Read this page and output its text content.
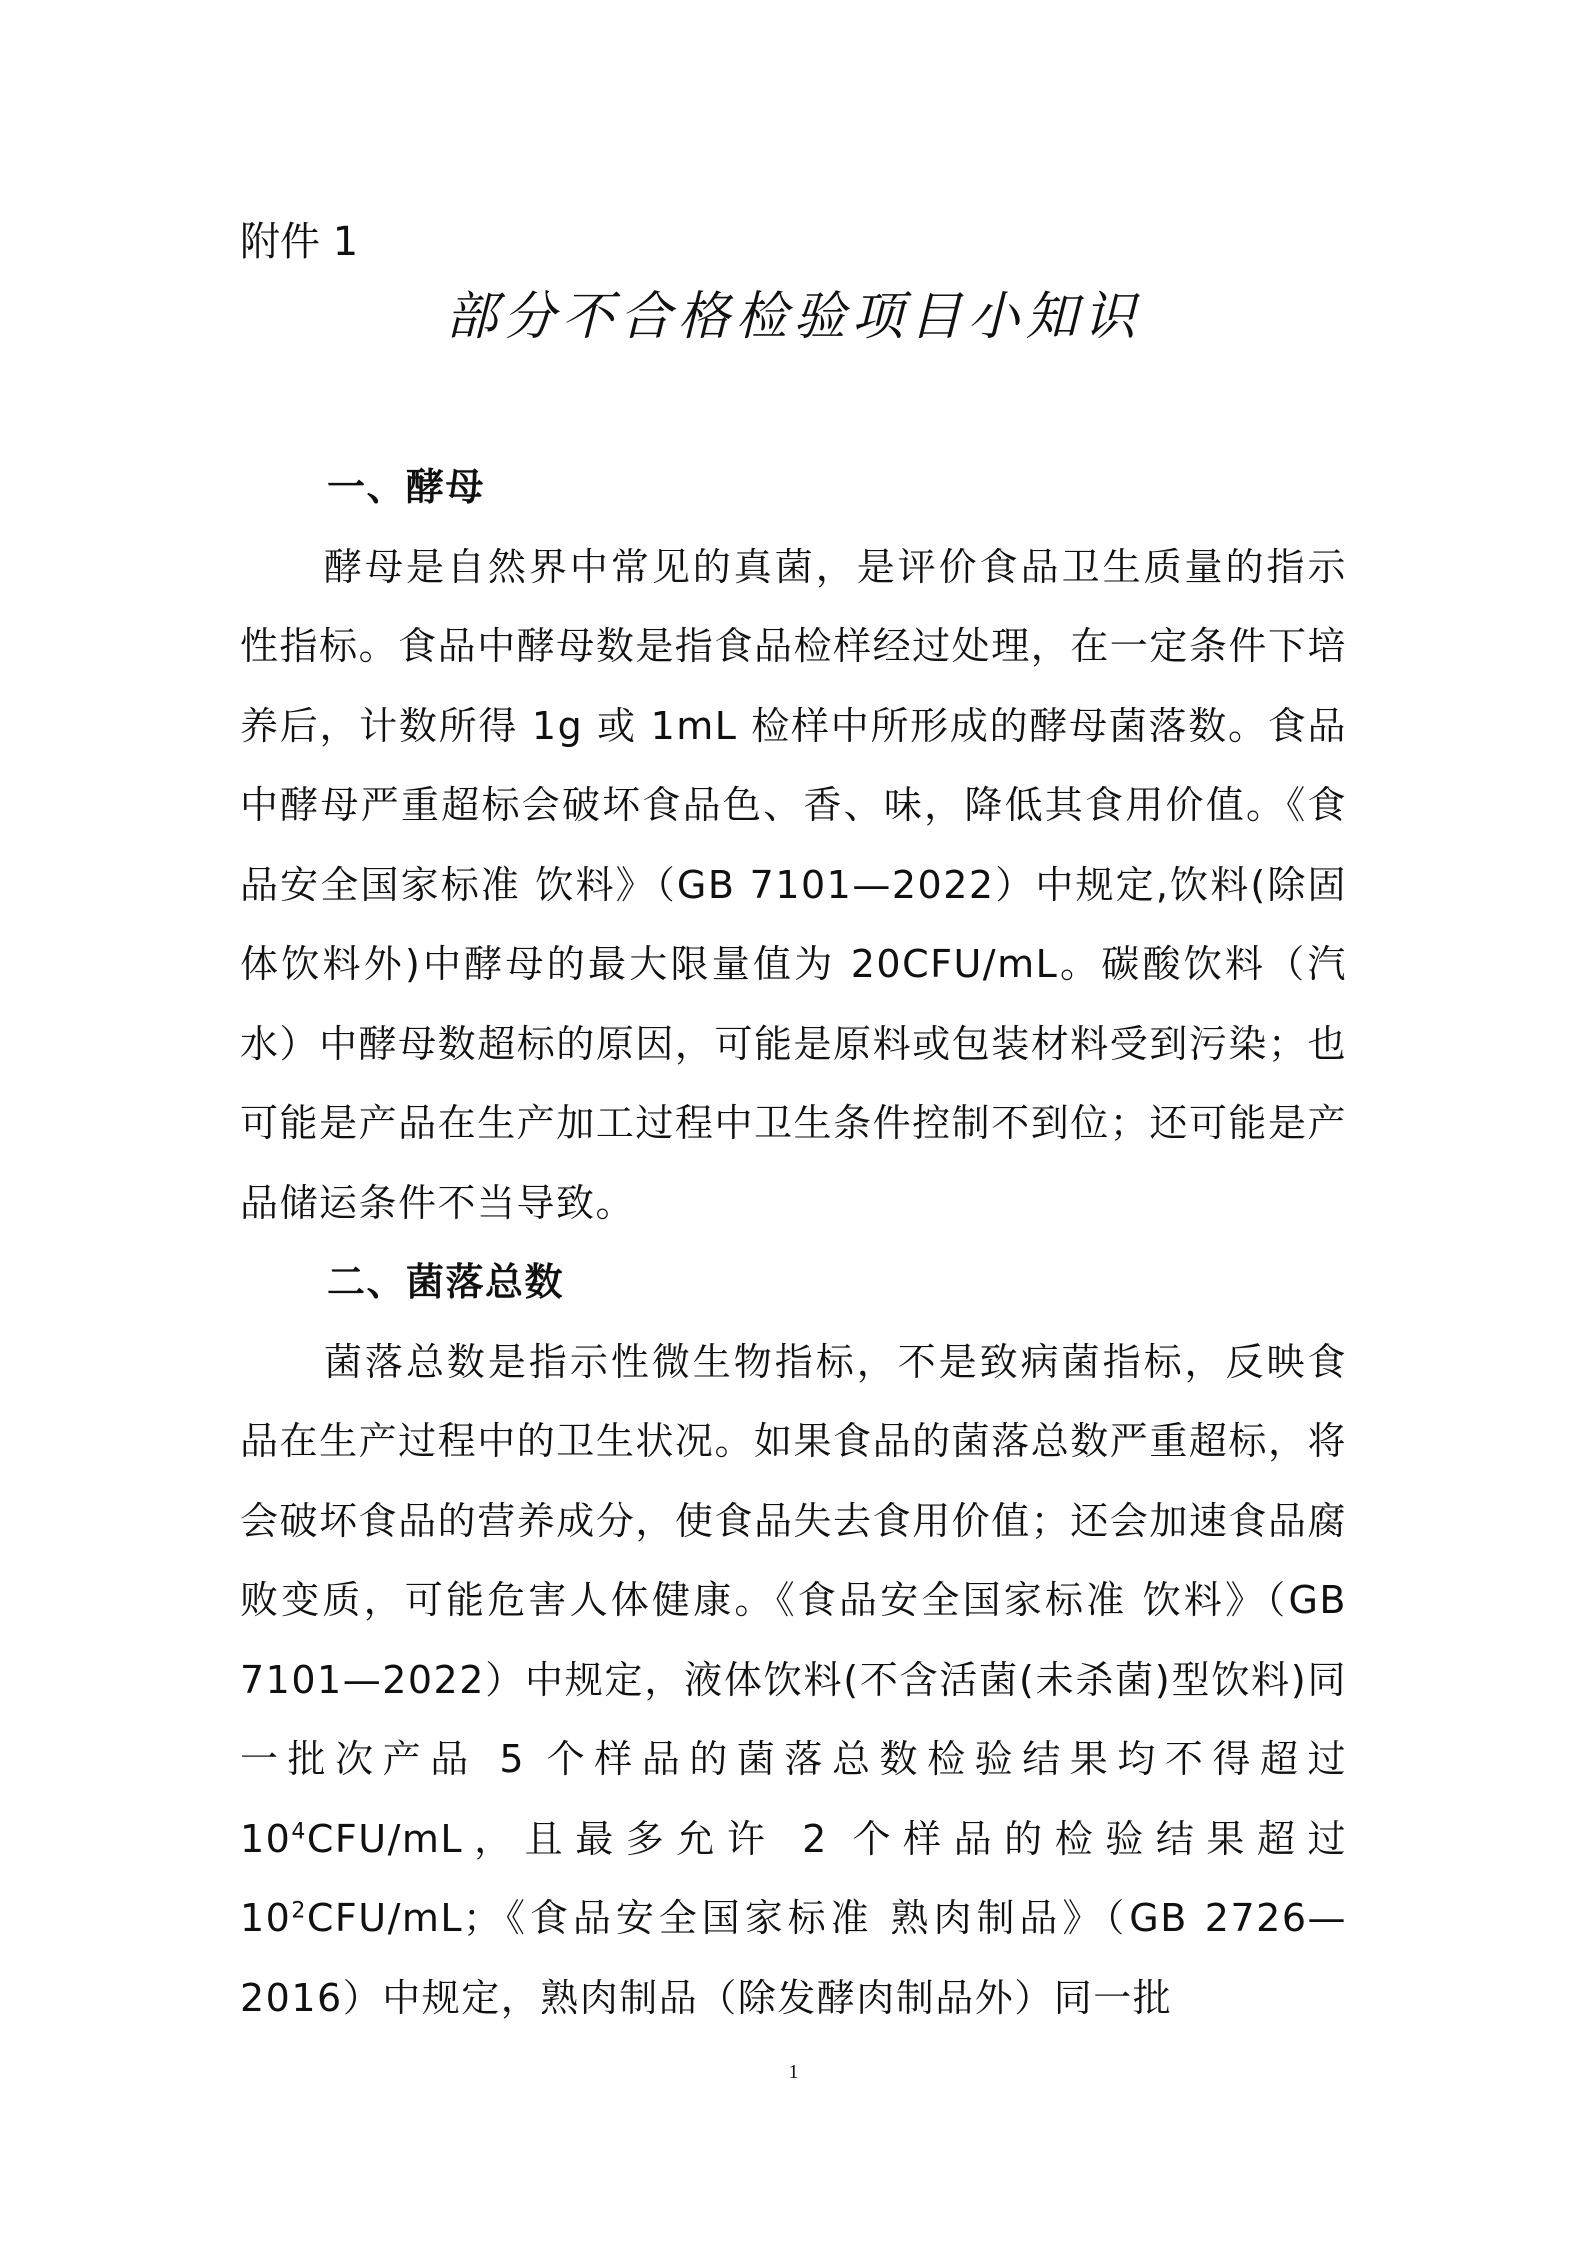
附件 1
部分不合格检验项目小知识

一、酵母

酵母是自然界中常见的真菌，是评价食品卫生质量的指示性指标。食品中酵母数是指食品检样经过处理，在一定条件下培养后，计数所得 1g 或 1mL 检样中所形成的酵母菌落数。食品中酵母严重超标会破坏食品色、香、味，降低其食用价值。《食品安全国家标准 饮料》（GB 7101—2022）中规定,饮料(除固体饮料外)中酵母的最大限量值为 20CFU/mL。碳酸饮料（汽水）中酵母数超标的原因，可能是原料或包装材料受到污染；也可能是产品在生产加工过程中卫生条件控制不到位；还可能是产品储运条件不当导致。

二、菌落总数

菌落总数是指示性微生物指标，不是致病菌指标，反映食品在生产过程中的卫生状况。如果食品的菌落总数严重超标，将会破坏食品的营养成分，使食品失去食用价值；还会加速食品腐败变质，可能危害人体健康。《食品安全国家标准 饮料》（GB 7101—2022）中规定，液体饮料(不含活菌(未杀菌)型饮料)同一批次产品 5 个样品的菌落总数检验结果均不得超过 $10^4CFU/mL$，且最多允许 2 个样品的检验结果超过 $10^2CFU/mL$；《食品安全国家标准 熟肉制品》（GB 2726—2016）中规定，熟肉制品（除发酵肉制品外）同一批

1
